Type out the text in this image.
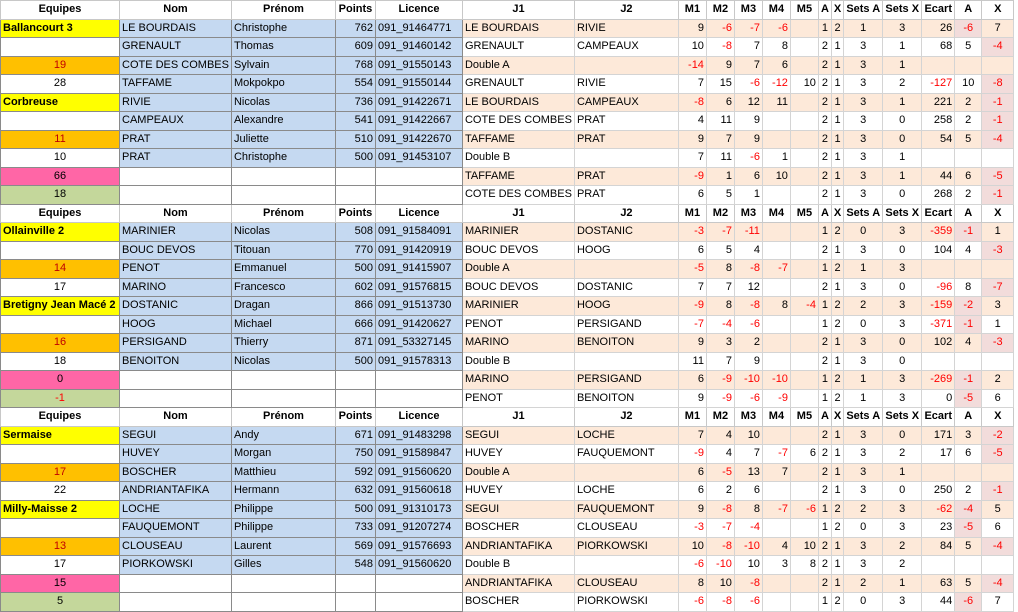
Equipes	Nom	Prénom	Points	Licence	J1	J2	M1	M2	M3	M4	M5	A	X	Sets A	Sets X	Ecart	A	X
Ballancourt 3	LE BOURDAIS	Christophe	762	091_91464771	LE BOURDAIS	RIVIE	9	-6	-7	-6		1	2	1	3	26	-6	7
	GRENAULT	Thomas	609	091_91460142	GRENAULT	CAMPEAUX	10	-8	7	8		2	1	3	1	68	5	-4
19	COTE DES COMBES	Sylvain	768	091_91550143	Double A		-14	9	7	6		2	1	3	1			
28	TAFFAME	Mokpokpo	554	091_91550144	GRENAULT	RIVIE	7	15	-6	-12	10	2	1	3	2	-127	10	-8
Corbreuse	RIVIE	Nicolas	736	091_91422671	LE BOURDAIS	CAMPEAUX	-8	6	12	11		2	1	3	1	221	2	-1
	CAMPEAUX	Alexandre	541	091_91422667	COTE DES COMBES	PRAT	4	11	9			2	1	3	0	258	2	-1
11	PRAT	Juliette	510	091_91422670	TAFFAME	PRAT	9	7	9			2	1	3	0	54	5	-4
10	PRAT	Christophe	500	091_91453107	Double B		7	11	-6	1		2	1	3	1			
66					TAFFAME	PRAT	-9	1	6	10		2	1	3	1	44	6	-5
18					COTE DES COMBES	PRAT	6	5	1			2	1	3	0	268	2	-1
Equipes	Nom	Prénom	Points	Licence	J1	J2	M1	M2	M3	M4	M5	A	X	Sets A	Sets X	Ecart	A	X
Ollainville 2	MARINIER	Nicolas	508	091_91584091	MARINIER	DOSTANIC	-3	-7	-11			1	2	0	3	-359	-1	1
	BOUC DEVOS	Titouan	770	091_91420919	BOUC DEVOS	HOOG	6	5	4			2	1	3	0	104	4	-3
14	PENOT	Emmanuel	500	091_91415907	Double A		-5	8	-8	-7		1	2	1	3			
17	MARINO	Francesco	602	091_91576815	BOUC DEVOS	DOSTANIC	7	7	12			2	1	3	0	-96	8	-7
Bretigny Jean Macé 2	DOSTANIC	Dragan	866	091_91513730	MARINIER	HOOG	-9	8	-8	8	-4	1	2	2	3	-159	-2	3
	HOOG	Michael	666	091_91420627	PENOT	PERSIGAND	-7	-4	-6			1	2	0	3	-371	-1	1
16	PERSIGAND	Thierry	871	091_53327145	MARINO	BENOITON	9	3	2			2	1	3	0	102	4	-3
18	BENOITON	Nicolas	500	091_91578313	Double B		11	7	9			2	1	3	0			
0					MARINO	PERSIGAND	6	-9	-10	-10		1	2	1	3	-269	-1	2
-1					PENOT	BENOITON	9	-9	-6	-9		1	2	1	3	0	-5	6
Equipes	Nom	Prénom	Points	Licence	J1	J2	M1	M2	M3	M4	M5	A	X	Sets A	Sets X	Ecart	A	X
Sermaise	SEGUI	Andy	671	091_91483298	SEGUI	LOCHE	7	4	10			2	1	3	0	171	3	-2
	HUVEY	Morgan	750	091_91589847	HUVEY	FAUQUEMONT	-9	4	7	-7	6	2	1	3	2	17	6	-5
17	BOSCHER	Matthieu	592	091_91560620	Double A		6	-5	13	7		2	1	3	1			
22	ANDRIANTAFIKA	Hermann	632	091_91560618	HUVEY	LOCHE	6	2	6			2	1	3	0	250	2	-1
Milly-Maisse 2	LOCHE	Philippe	500	091_91310173	SEGUI	FAUQUEMONT	9	-8	8	-7	-6	1	2	2	3	-62	-4	5
	FAUQUEMONT	Philippe	733	091_91207274	BOSCHER	CLOUSEAU	-3	-7	-4			1	2	0	3	23	-5	6
13	CLOUSEAU	Laurent	569	091_91576693	ANDRIANTAFIKA	PIORKOWSKI	10	-8	-10	4	10	2	1	3	2	84	5	-4
17	PIORKOWSKI	Gilles	548	091_91560620	Double B		-6	-10	10	3	8	2	1	3	2			
15					ANDRIANTAFIKA	CLOUSEAU	8	10	-8			2	1	2	1	63	5	-4
5					BOSCHER	PIORKOWSKI	-6	-8	-6			1	2	0	3	44	-6	7
